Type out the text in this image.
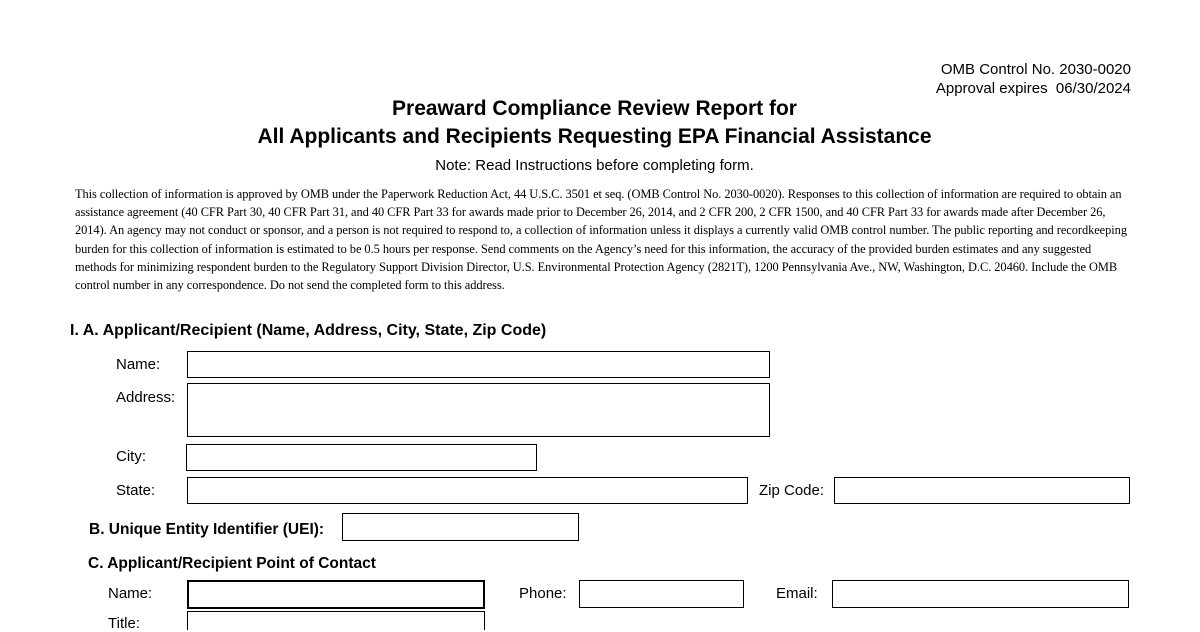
OMB Control No. 2030-0020
Approval expires  06/30/2024
Preaward Compliance Review Report for
All Applicants and Recipients Requesting EPA Financial Assistance
Note: Read Instructions before completing form.
This collection of information is approved by OMB under the Paperwork Reduction Act, 44 U.S.C. 3501 et seq. (OMB Control No. 2030-0020). Responses to this collection of information are required to obtain an assistance agreement (40 CFR Part 30, 40 CFR Part 31, and 40 CFR Part 33 for awards made prior to December 26, 2014, and 2 CFR 200, 2 CFR 1500, and 40 CFR Part 33 for awards made after December 26, 2014). An agency may not conduct or sponsor, and a person is not required to respond to, a collection of information unless it displays a currently valid OMB control number. The public reporting and recordkeeping burden for this collection of information is estimated to be 0.5 hours per response. Send comments on the Agency’s need for this information, the accuracy of the provided burden estimates and any suggested methods for minimizing respondent burden to the Regulatory Support Division Director, U.S. Environmental Protection Agency (2821T), 1200 Pennsylvania Ave., NW, Washington, D.C. 20460. Include the OMB control number in any correspondence. Do not send the completed form to this address.
I. A. Applicant/Recipient (Name, Address, City, State, Zip Code)
Name:
Address:
City:
State:	Zip Code:
B. Unique Entity Identifier (UEI):
C. Applicant/Recipient Point of Contact
Name:	Phone:	Email:
Title:
